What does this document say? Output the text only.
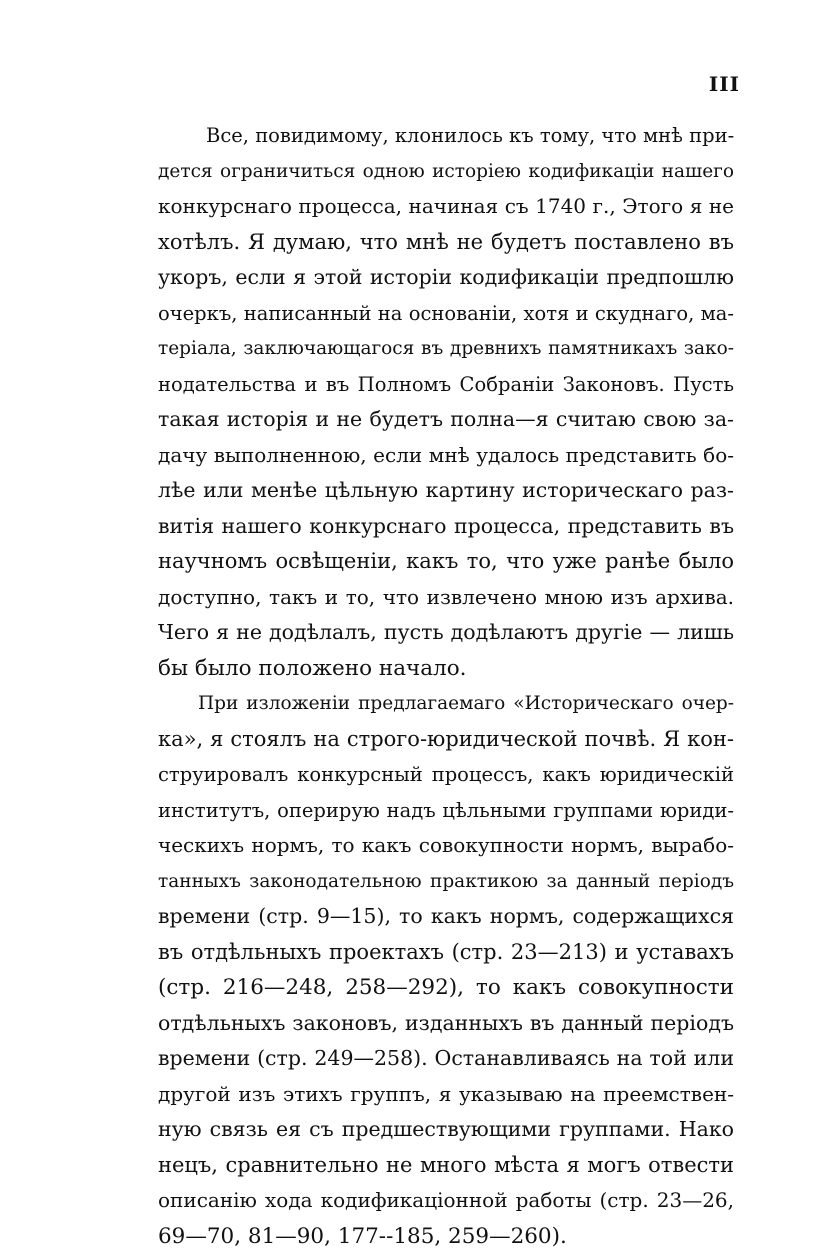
III
Все, повидимому, клонилось къ тому, что мнѣ при-
дется ограничиться одною исторіею кодификаціи нашего
конкурснаго процесса, начиная съ 1740 г., Этого я не
хотѣлъ. Я думаю, что мнѣ не будетъ поставлено въ
укоръ, если я этой исторіи кодификаціи предпошлю
очеркъ, написанный на основаніи, хотя и скуднаго, ма-
теріала, заключающагося въ древнихъ памятникахъ зако-
нодательства и въ Полномъ Собраніи Законовъ. Пусть
такая исторія и не будетъ полна—я считаю свою за-
дачу выполненною, если мнѣ удалось представить бо-
лѣе или менѣе цѣльную картину историческаго раз-
витія нашего конкурснаго процесса, представить въ
научномъ освѣщеніи, какъ то, что уже ранѣе было
доступно, такъ и то, что извлечено мною изъ архива.
Чего я не додѣлалъ, пусть додѣлаютъ другіе — лишь
бы было положено начало.
При изложеніи предлагаемаго «Историческаго очер-
ка», я стоялъ на строго-юридической почвѣ. Я кон-
струировалъ конкурсный процессъ, какъ юридическій
институтъ, оперирую надъ цѣльными группами юриди-
ческихъ нормъ, то какъ совокупности нормъ, вырабо-
танныхъ законодательною практикою за данный періодъ
времени (стр. 9—15), то какъ нормъ, содержащихся
въ отдѣльныхъ проектахъ (стр. 23—213) и уставахъ
(стр. 216—248, 258—292), то какъ совокупности
отдѣльныхъ законовъ, изданныхъ въ данный періодъ
времени (стр. 249—258). Останавливаясь на той или
другой изъ этихъ группъ, я указываю на преемствен-
ную связь ея съ предшествующими группами. Нако
нецъ, сравнительно не много мѣста я могъ отвести
описанію хода кодификаціонной работы (стр. 23—26,
69—70, 81—90, 177--185, 259—260).
